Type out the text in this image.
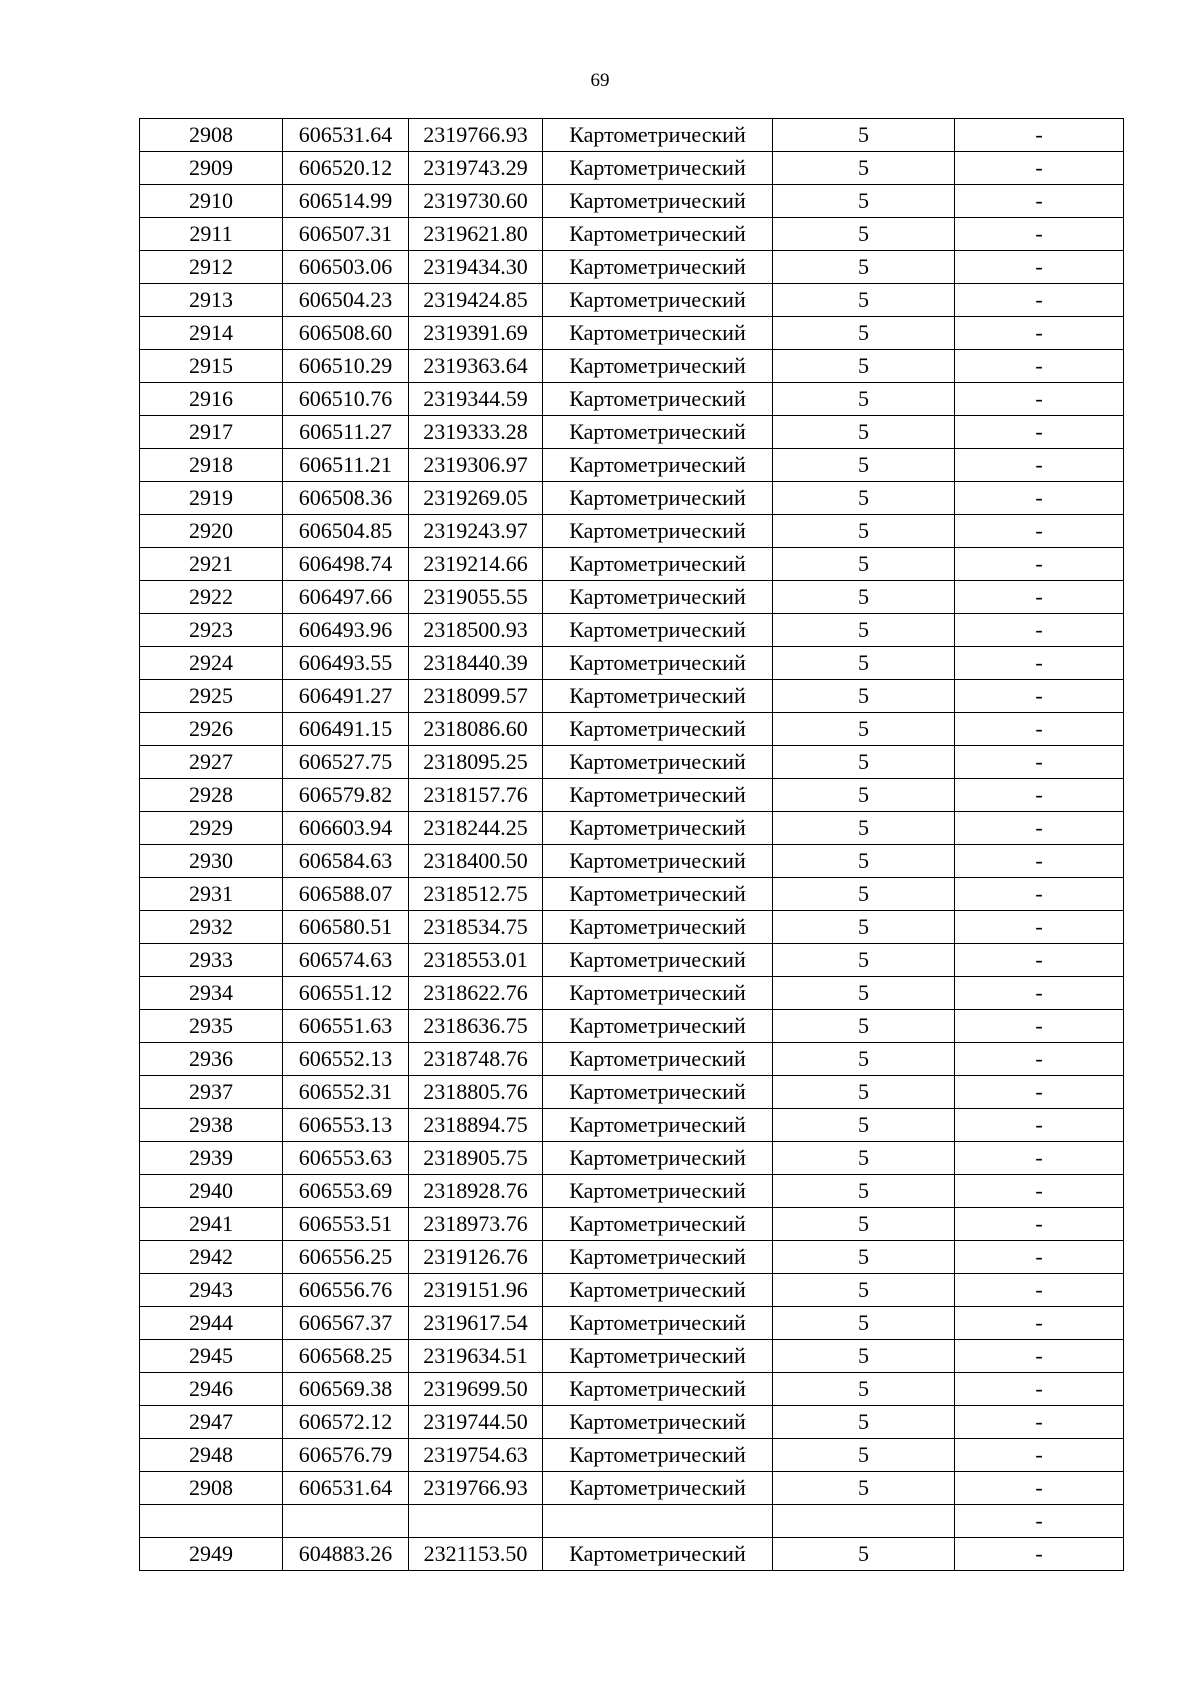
69
2908	606531.64	2319766.93	Картометрический	5	-
2909	606520.12	2319743.29	Картометрический	5	-
2910	606514.99	2319730.60	Картометрический	5	-
2911	606507.31	2319621.80	Картометрический	5	-
2912	606503.06	2319434.30	Картометрический	5	-
2913	606504.23	2319424.85	Картометрический	5	-
2914	606508.60	2319391.69	Картометрический	5	-
2915	606510.29	2319363.64	Картометрический	5	-
2916	606510.76	2319344.59	Картометрический	5	-
2917	606511.27	2319333.28	Картометрический	5	-
2918	606511.21	2319306.97	Картометрический	5	-
2919	606508.36	2319269.05	Картометрический	5	-
2920	606504.85	2319243.97	Картометрический	5	-
2921	606498.74	2319214.66	Картометрический	5	-
2922	606497.66	2319055.55	Картометрический	5	-
2923	606493.96	2318500.93	Картометрический	5	-
2924	606493.55	2318440.39	Картометрический	5	-
2925	606491.27	2318099.57	Картометрический	5	-
2926	606491.15	2318086.60	Картометрический	5	-
2927	606527.75	2318095.25	Картометрический	5	-
2928	606579.82	2318157.76	Картометрический	5	-
2929	606603.94	2318244.25	Картометрический	5	-
2930	606584.63	2318400.50	Картометрический	5	-
2931	606588.07	2318512.75	Картометрический	5	-
2932	606580.51	2318534.75	Картометрический	5	-
2933	606574.63	2318553.01	Картометрический	5	-
2934	606551.12	2318622.76	Картометрический	5	-
2935	606551.63	2318636.75	Картометрический	5	-
2936	606552.13	2318748.76	Картометрический	5	-
2937	606552.31	2318805.76	Картометрический	5	-
2938	606553.13	2318894.75	Картометрический	5	-
2939	606553.63	2318905.75	Картометрический	5	-
2940	606553.69	2318928.76	Картометрический	5	-
2941	606553.51	2318973.76	Картометрический	5	-
2942	606556.25	2319126.76	Картометрический	5	-
2943	606556.76	2319151.96	Картометрический	5	-
2944	606567.37	2319617.54	Картометрический	5	-
2945	606568.25	2319634.51	Картометрический	5	-
2946	606569.38	2319699.50	Картометрический	5	-
2947	606572.12	2319744.50	Картометрический	5	-
2948	606576.79	2319754.63	Картометрический	5	-
2908	606531.64	2319766.93	Картометрический	5	-
					-
2949	604883.26	2321153.50	Картометрический	5	-
